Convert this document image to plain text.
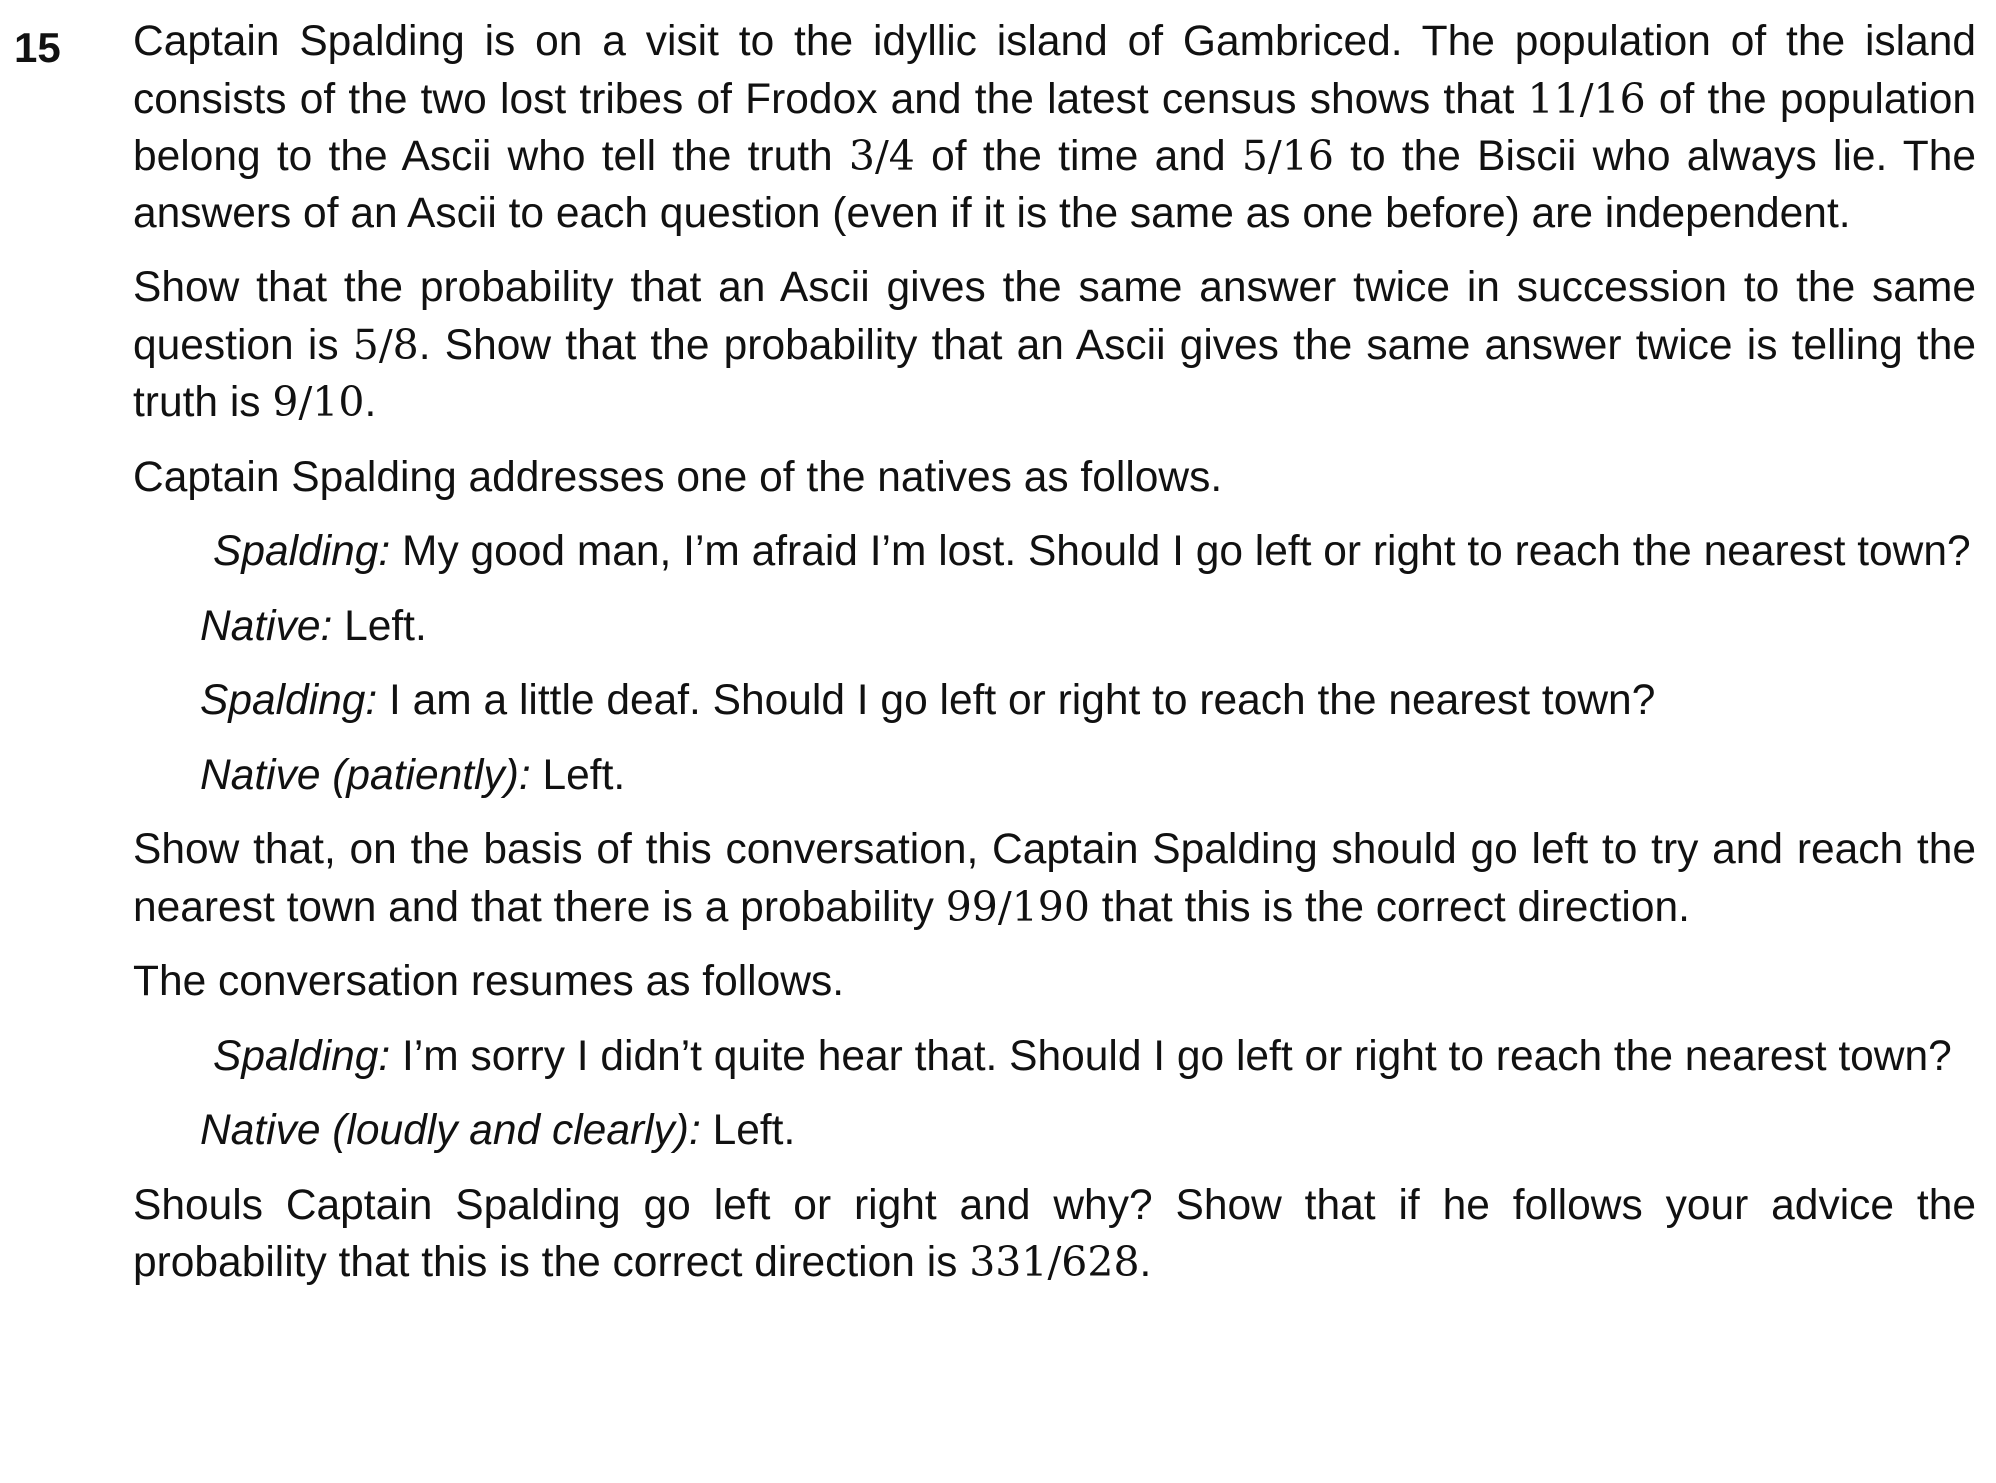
15 Captain Spalding is on a visit to the idyllic island of Gambriced. The population of the island consists of the two lost tribes of Frodox and the latest census shows that 11/16 of the population belong to the Ascii who tell the truth 3/4 of the time and 5/16 to the Biscii who always lie. The answers of an Ascii to each question (even if it is the same as one before) are independent.
Show that the probability that an Ascii gives the same answer twice in succession to the same question is 5/8. Show that the probability that an Ascii gives the same answer twice is telling the truth is 9/10.
Captain Spalding addresses one of the natives as follows.
Spalding: My good man, I’m afraid I’m lost. Should I go left or right to reach the nearest town?
Native: Left.
Spalding: I am a little deaf. Should I go left or right to reach the nearest town?
Native (patiently): Left.
Show that, on the basis of this conversation, Captain Spalding should go left to try and reach the nearest town and that there is a probability 99/190 that this is the correct direction.
The conversation resumes as follows.
Spalding: I’m sorry I didn’t quite hear that. Should I go left or right to reach the nearest town?
Native (loudly and clearly): Left.
Shouls Captain Spalding go left or right and why? Show that if he follows your advice the probability that this is the correct direction is 331/628.
